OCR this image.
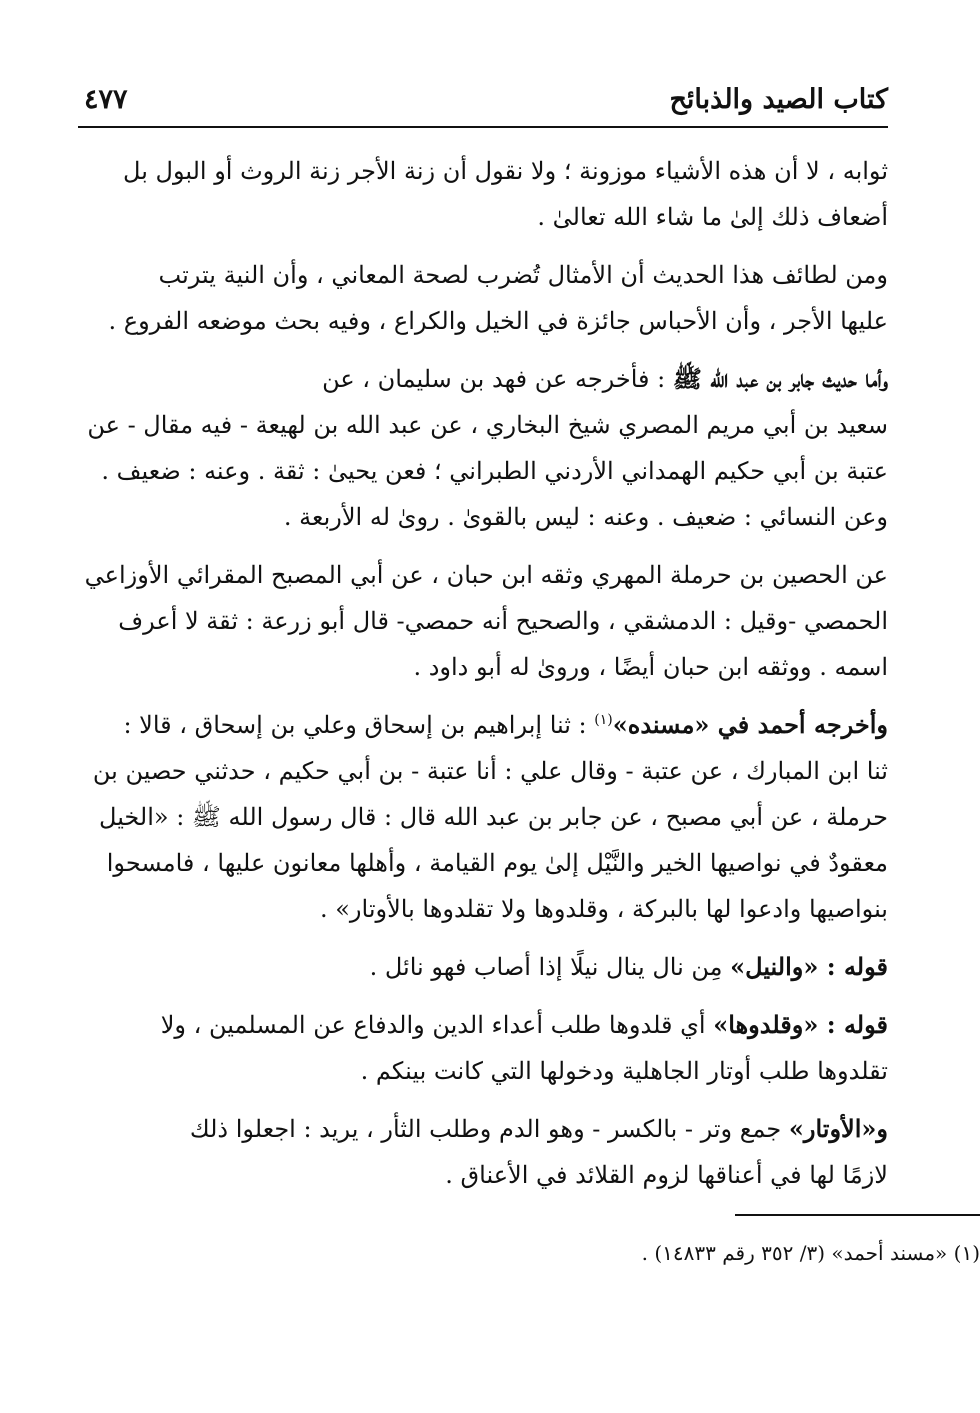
كتاب الصيد والذبائح
٤٧٧
ثوابه ، لا أن هذه الأشياء موزونة ؛ ولا نقول أن زنة الأجر زنة الروث أو البول بل
أضعاف ذلك إلىٰ ما شاء الله تعالىٰ .
ومن لطائف هذا الحديث أن الأمثال تُضرب لصحة المعاني ، وأن النية يترتب
عليها الأجر ، وأن الأحباس جائزة في الخيل والكراع ، وفيه بحث موضعه الفروع .
وأما حديث جابر بن عبد الله ﷺ : فأخرجه عن فهد بن سليمان ، عن
سعيد بن أبي مريم المصري شيخ البخاري ، عن عبد الله بن لهيعة - فيه مقال - عن
عتبة بن أبي حكيم الهمداني الأردني الطبراني ؛ فعن يحيىٰ : ثقة . وعنه : ضعيف .
وعن النسائي : ضعيف . وعنه : ليس بالقوىٰ . روىٰ له الأربعة .
عن الحصين بن حرملة المهري وثقه ابن حبان ، عن أبي المصبح المقرائي الأوزاعي
الحمصي -وقيل : الدمشقي ، والصحيح أنه حمصي- قال أبو زرعة : ثقة لا أعرف
اسمه . ووثقه ابن حبان أيضًا ، وروىٰ له أبو داود .
وأخرجه أحمد في «مسنده»$^{(١)}$ : ثنا إبراهيم بن إسحاق وعلي بن إسحاق ، قالا :
ثنا ابن المبارك ، عن عتبة - وقال علي : أنا عتبة - بن أبي حكيم ، حدثني حصين بن
حرملة ، عن أبي مصبح ، عن جابر بن عبد الله قال : قال رسول الله ﷺ : «الخيل
معقودٌ في نواصيها الخير والنَّيْل إلىٰ يوم القيامة ، وأهلها معانون عليها ، فامسحوا
بنواصيها وادعوا لها بالبركة ، وقلدوها ولا تقلدوها بالأوتار» .
قوله : «والنيل» مِن نال ينال نيلًا إذا أصاب فهو نائل .
قوله : «وقلدوها» أي قلدوها طلب أعداء الدين والدفاع عن المسلمين ، ولا
تقلدوها طلب أوتار الجاهلية ودخولها التي كانت بينكم .
و«الأوتار» جمع وتر - بالكسر - وهو الدم وطلب الثأر ، يريد : اجعلوا ذلك
لازمًا لها في أعناقها لزوم القلائد في الأعناق .
(١) «مسند أحمد» (٣/ ٣٥٢ رقم ١٤٨٣٣) .
